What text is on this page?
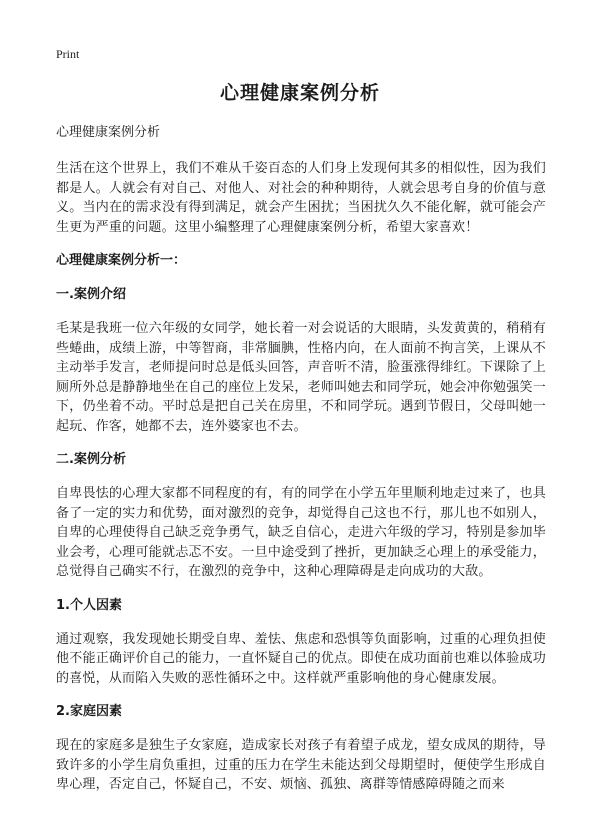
Print
心理健康案例分析

心理健康案例分析

生活在这个世界上，我们不难从千姿百态的人们身上发现何其多的相似性，因为我们都是人。人就会有对自己、对他人、对社会的种种期待，人就会思考自身的价值与意义。当内在的需求没有得到满足，就会产生困扰；当困扰久久不能化解，就可能会产生更为严重的问题。这里小编整理了心理健康案例分析，希望大家喜欢！

心理健康案例分析一：

一.案例介绍

毛某是我班一位六年级的女同学，她长着一对会说话的大眼睛，头发黄黄的，稍稍有些蜷曲，成绩上游，中等智商，非常腼腆，性格内向，在人面前不拘言笑，上课从不主动举手发言，老师提问时总是低头回答，声音听不清，脸蛋涨得绯红。下课除了上厕所外总是静静地坐在自己的座位上发呆，老师叫她去和同学玩，她会冲你勉强笑一下，仍坐着不动。平时总是把自己关在房里，不和同学玩。遇到节假日，父母叫她一起玩、作客，她都不去，连外婆家也不去。

二.案例分析

自卑畏怯的心理大家都不同程度的有，有的同学在小学五年里顺利地走过来了，也具备了一定的实力和优势，面对激烈的竞争，却觉得自己这也不行，那儿也不如别人，自卑的心理使得自己缺乏竞争勇气，缺乏自信心，走进六年级的学习，特别是参加毕业会考，心理可能就忐忑不安。一旦中途受到了挫折，更加缺乏心理上的承受能力，总觉得自己确实不行，在激烈的竞争中，这种心理障碍是走向成功的大敌。

1.个人因素

通过观察，我发现她长期受自卑、羞怯、焦虑和恐惧等负面影响，过重的心理负担使他不能正确评价自己的能力，一直怀疑自己的优点。即使在成功面前也难以体验成功的喜悦，从而陷入失败的恶性循环之中。这样就严重影响他的身心健康发展。

2.家庭因素

现在的家庭多是独生子女家庭，造成家长对孩子有着望子成龙，望女成凤的期待，导致许多的小学生肩负重担，过重的压力在学生未能达到父母期望时，便使学生形成自卑心理，否定自己，怀疑自己，不安、烦恼、孤独、离群等情感障碍随之而来
